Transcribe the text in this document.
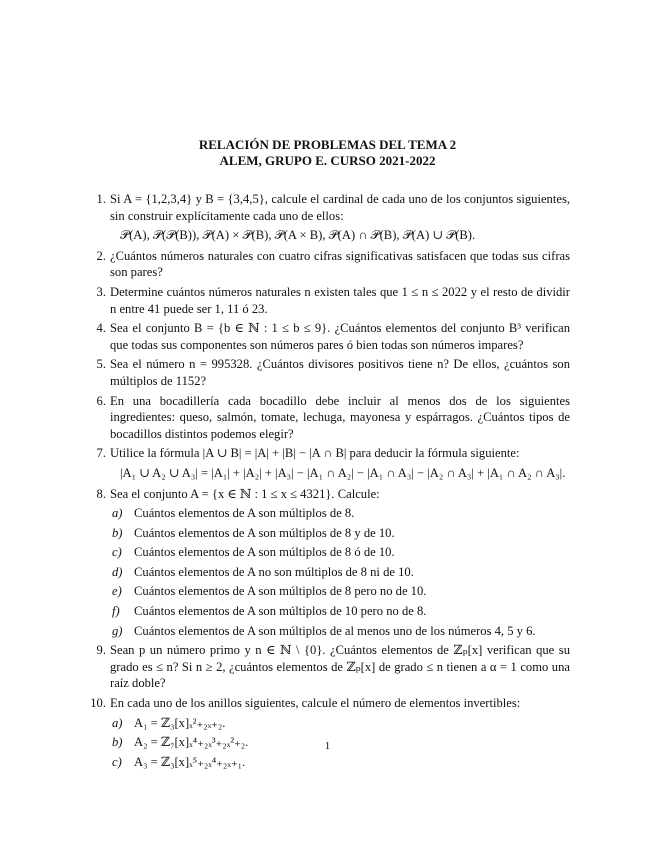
RELACIÓN DE PROBLEMAS DEL TEMA 2
ALEM, GRUPO E. CURSO 2021-2022
1. Si A = {1,2,3,4} y B = {3,4,5}, calcule el cardinal de cada uno de los conjuntos siguientes, sin construir explícitamente cada uno de ellos:
𝒫(A), 𝒫(𝒫(B)), 𝒫(A) × 𝒫(B), 𝒫(A × B), 𝒫(A) ∩ 𝒫(B), 𝒫(A) ∪ 𝒫(B).
2. ¿Cuántos números naturales con cuatro cifras significativas satisfacen que todas sus cifras son pares?
3. Determine cuántos números naturales n existen tales que 1 ≤ n ≤ 2022 y el resto de dividir n entre 41 puede ser 1, 11 ó 23.
4. Sea el conjunto B = {b ∈ ℕ : 1 ≤ b ≤ 9}. ¿Cuántos elementos del conjunto B³ verifican que todas sus componentes son números pares ó bien todas son números impares?
5. Sea el número n = 995328. ¿Cuántos divisores positivos tiene n? De ellos, ¿cuántos son múltiplos de 1152?
6. En una bocadillería cada bocadillo debe incluir al menos dos de los siguientes ingredientes: queso, salmón, tomate, lechuga, mayonesa y espárragos. ¿Cuántos tipos de bocadillos distintos podemos elegir?
7. Utilice la fórmula |A ∪ B| = |A| + |B| − |A ∩ B| para deducir la fórmula siguiente:
|A₁ ∪ A₂ ∪ A₃| = |A₁| + |A₂| + |A₃| − |A₁ ∩ A₂| − |A₁ ∩ A₃| − |A₂ ∩ A₃| + |A₁ ∩ A₂ ∩ A₃|.
8. Sea el conjunto A = {x ∈ ℕ : 1 ≤ x ≤ 4321}. Calcule:
a) Cuántos elementos de A son múltiplos de 8.
b) Cuántos elementos de A son múltiplos de 8 y de 10.
c) Cuántos elementos de A son múltiplos de 8 ó de 10.
d) Cuántos elementos de A no son múltiplos de 8 ni de 10.
e) Cuántos elementos de A son múltiplos de 8 pero no de 10.
f) Cuántos elementos de A son múltiplos de 10 pero no de 8.
g) Cuántos elementos de A son múltiplos de al menos uno de los números 4, 5 y 6.
9. Sean p un número primo y n ∈ ℕ \ {0}. ¿Cuántos elementos de ℤₚ[x] verifican que su grado es ≤ n? Si n ≥ 2, ¿cuántos elementos de ℤₚ[x] de grado ≤ n tienen a α = 1 como una raíz doble?
10. En cada uno de los anillos siguientes, calcule el número de elementos invertibles:
a) A₁ = ℤ₃[x]ₓ²₊₂ₓ₊₂.
b) A₂ = ℤ₇[x]ₓ⁴₊₂ₓ³₊₂ₓ²₊₂.
c) A₃ = ℤ₃[x]ₓ⁵₊₂ₓ⁴₊₂ₓ₊₁.
1
